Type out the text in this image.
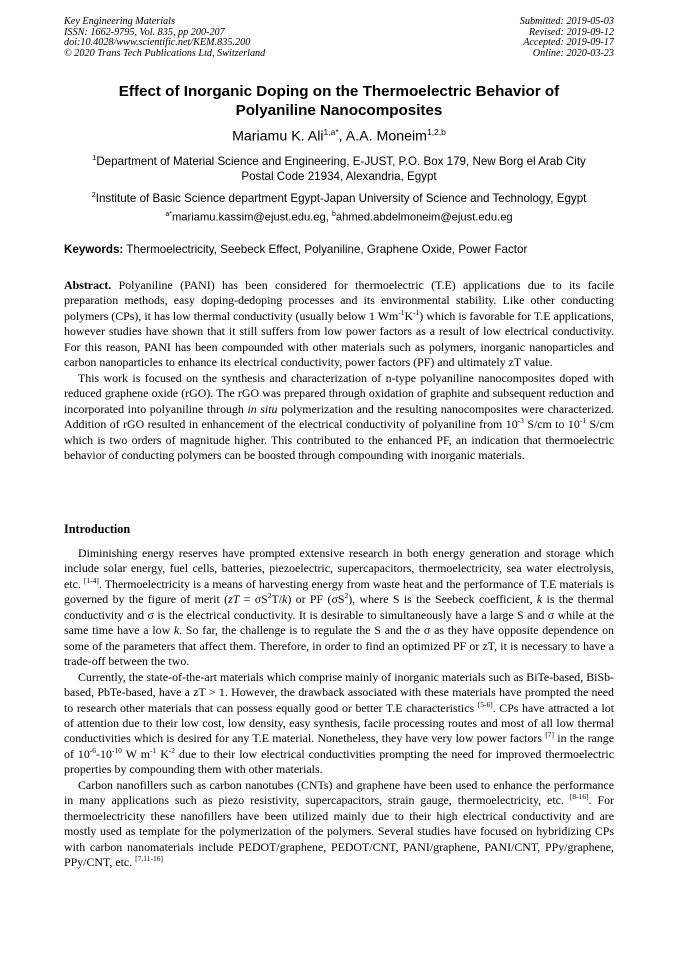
Key Engineering Materials
ISSN: 1662-9795, Vol. 835, pp 200-207
doi:10.4028/www.scientific.net/KEM.835.200
© 2020 Trans Tech Publications Ltd, Switzerland
Submitted: 2019-05-03
Revised: 2019-09-12
Accepted: 2019-09-17
Online: 2020-03-23
Effect of Inorganic Doping on the Thermoelectric Behavior of
Polyaniline Nanocomposites
Mariamu K. Ali$^{1,a*}$, A.A. Moneim$^{1,2,b}$
$^1$Department of Material Science and Engineering, E-JUST, P.O. Box 179, New Borg el Arab City
Postal Code 21934, Alexandria, Egypt
$^2$Institute of Basic Science department Egypt-Japan University of Science and Technology, Egypt
$^{a*}$mariamu.kassim@ejust.edu.eg, $^b$ahmed.abdelmoneim@ejust.edu.eg
Keywords: Thermoelectricity, Seebeck Effect, Polyaniline, Graphene Oxide, Power Factor

Abstract. Polyaniline (PANI) has been considered for thermoelectric (T.E) applications due to its facile preparation methods, easy doping-dedoping processes and its environmental stability. Like other conducting polymers (CPs), it has low thermal conductivity (usually below 1 $Wm^{-1}K^{-1}$) which is favorable for T.E applications, however studies have shown that it still suffers from low power factors as a result of low electrical conductivity. For this reason, PANI has been compounded with other materials such as polymers, inorganic nanoparticles and carbon nanoparticles to enhance its electrical conductivity, power factors (PF) and ultimately zT value.

This work is focused on the synthesis and characterization of n-type polyaniline nanocomposites doped with reduced graphene oxide (rGO). The rGO was prepared through oxidation of graphite and subsequent reduction and incorporated into polyaniline through in situ polymerization and the resulting nanocomposites were characterized. Addition of rGO resulted in enhancement of the electrical conductivity of polyaniline from $10^{-3}$ S/cm to $10^{-1}$ S/cm which is two orders of magnitude higher. This contributed to the enhanced PF, an indication that thermoelectric behavior of conducting polymers can be boosted through compounding with inorganic materials.

Introduction

Diminishing energy reserves have prompted extensive research in both energy generation and storage which include solar energy, fuel cells, batteries, piezoelectric, supercapacitors, thermoelectricity, sea water electrolysis, etc. [1-4]. Thermoelectricity is a means of harvesting energy from waste heat and the performance of T.E materials is governed by the figure of merit $(zT = \sigma S^2T/k)$ or PF $(\sigma S^2)$, where S is the Seebeck coefficient, k is the thermal conductivity and σ is the electrical conductivity. It is desirable to simultaneously have a large S and σ while at the same time have a low k. So far, the challenge is to regulate the S and the σ as they have opposite dependence on some of the parameters that affect them. Therefore, in order to find an optimized PF or zT, it is necessary to have a trade-off between the two.

Currently, the state-of-the-art materials which comprise mainly of inorganic materials such as BiTe-based, BiSb-based, PbTe-based, have a zT > 1. However, the drawback associated with these materials have prompted the need to research other materials that can possess equally good or better T.E characteristics [5-6]. CPs have attracted a lot of attention due to their low cost, low density, easy synthesis, facile processing routes and most of all low thermal conductivities which is desired for any T.E material. Nonetheless, they have very low power factors [7] in the range of $10^{-6}-10^{-10}$ W $m^{-1}$ $K^{-2}$ due to their low electrical conductivities prompting the need for improved thermoelectric properties by compounding them with other materials.

Carbon nanofillers such as carbon nanotubes (CNTs) and graphene have been used to enhance the performance in many applications such as piezo resistivity, supercapacitors, strain gauge, thermoelectricity, etc. [8-16]. For thermoelectricity these nanofillers have been utilized mainly due to their high electrical conductivity and are mostly used as template for the polymerization of the polymers. Several studies have focused on hybridizing CPs with carbon nanomaterials include PEDOT/graphene, PEDOT/CNT, PANI/graphene, PANI/CNT, PPy/graphene, PPy/CNT, etc. [7,11-16]
